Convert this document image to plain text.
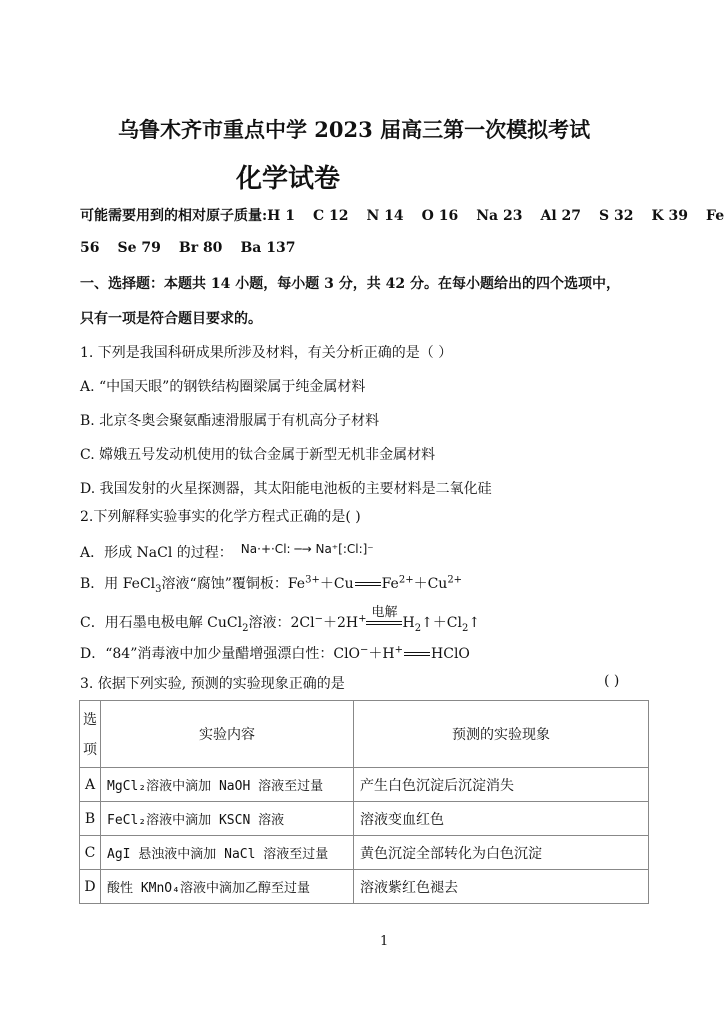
乌鲁木齐市重点中学 2023 届高三第一次模拟考试
化学试卷
可能需要用到的相对原子质量:H 1 C 12 N 14 O 16 Na 23 Al 27 S 32 K 39 Fe
56 Se 79 Br 80 Ba 137
一、选择题：本题共 14 小题，每小题 3 分，共 42 分。在每小题给出的四个选项中，
只有一项是符合题目要求的。
1. 下列是我国科研成果所涉及材料，有关分析正确的是（ ）
A. “中国天眼”的钢铁结构圈梁属于纯金属材料
B. 北京冬奥会聚氨酯速滑服属于有机高分子材料
C. 嫦娥五号发动机使用的钛合金属于新型无机非金属材料
D. 我国发射的火星探测器，其太阳能电池板的主要材料是二氧化硅
2.下列解释实验事实的化学方程式正确的是( )
A．形成 NaCl 的过程： Na·+·Cl: ─→ Na⁺[:Cl:]⁻
B．用 FeCl$_3$溶液“腐蚀”覆铜板：$Fe^{3+}+Cu$ $Fe^{2+}+Cu^{2+}$
C．用石墨电极电解 CuCl$_2$溶液：2Cl−＋2H+ 电解
$H_2↑+Cl_2↑$
D．“84”消毒液中加少量醋增强漂白性：ClO−＋H+ HClO
3. 依据下列实验, 预测的实验现象正确的是	( )
选
项	实验内容	预测的实验现象
A	MgCl₂溶液中滴加 NaOH 溶液至过量	产生白色沉淀后沉淀消失
B	FeCl₂溶液中滴加 KSCN 溶液	溶液变血红色
C	AgI 悬浊液中滴加 NaCl 溶液至过量	黄色沉淀全部转化为白色沉淀
D	酸性 KMnO₄溶液中滴加乙醇至过量	溶液紫红色褪去
1
